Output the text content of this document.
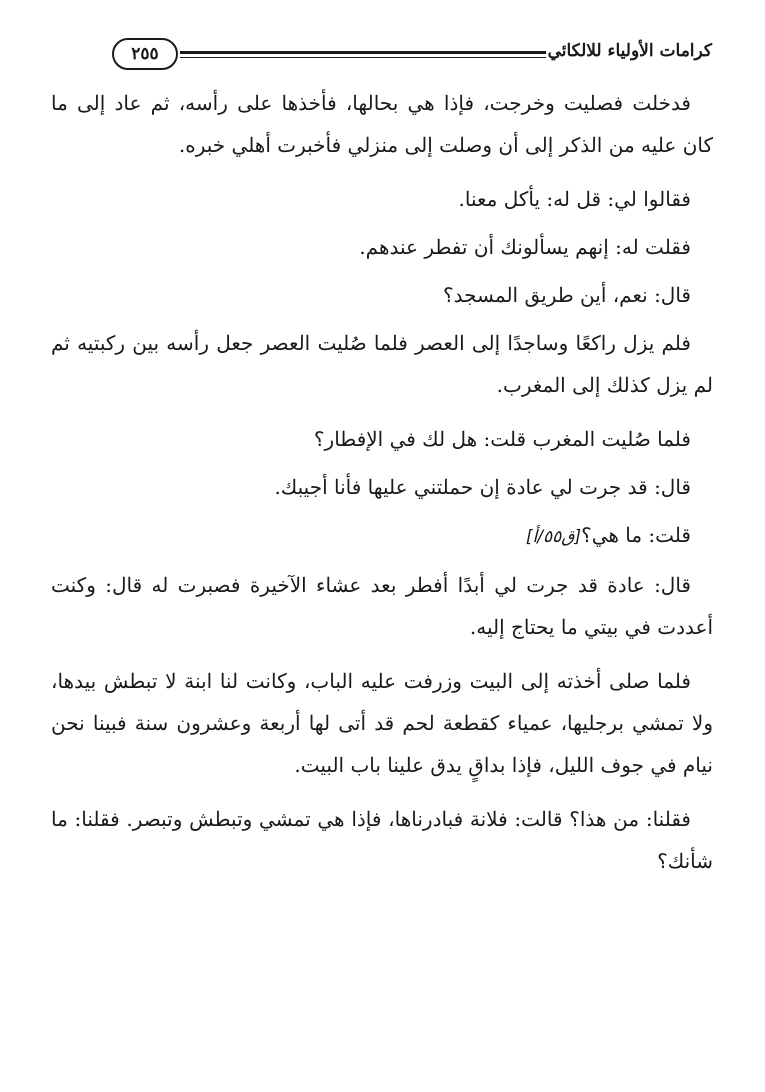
كرامات الأولياء للالكائي
٢٥٥

فدخلت فصليت وخرجت، فإذا هي بحالها، فأخذها على رأسه، ثم عاد إلى ما كان عليه من الذكر إلى أن وصلت إلى منزلي فأخبرت أهلي خبره.

فقالوا لي: قل له: يأكل معنا.

فقلت له: إنهم يسألونك أن تفطر عندهم.

قال: نعم، أين طريق المسجد؟

فلم يزل راكعًا وساجدًا إلى العصر فلما صُليت العصر جعل رأسه بين ركبتيه ثم لم يزل كذلك إلى المغرب.

فلما صُليت المغرب قلت: هل لك في الإفطار؟

قال: قد جرت لي عادة إن حملتني عليها فأنا أجيبك.

قلت: ما هي؟[ق٥٥/أ]

قال: عادة قد جرت لي أبدًا أفطر بعد عشاء الآخيرة فصبرت له قال: وكنت أعددت في بيتي ما يحتاج إليه.

فلما صلى أخذته إلى البيت وزرفت عليه الباب، وكانت لنا ابنة لا تبطش بيدها، ولا تمشي برجليها، عمياء كقطعة لحم قد أتى لها أربعة وعشرون سنة فبينا نحن نيام في جوف الليل، فإذا بداقٍ يدق علينا باب البيت.

فقلنا: من هذا؟ قالت: فلانة فبادرناها، فإذا هي تمشي وتبطش وتبصر. فقلنا: ما شأنك؟
